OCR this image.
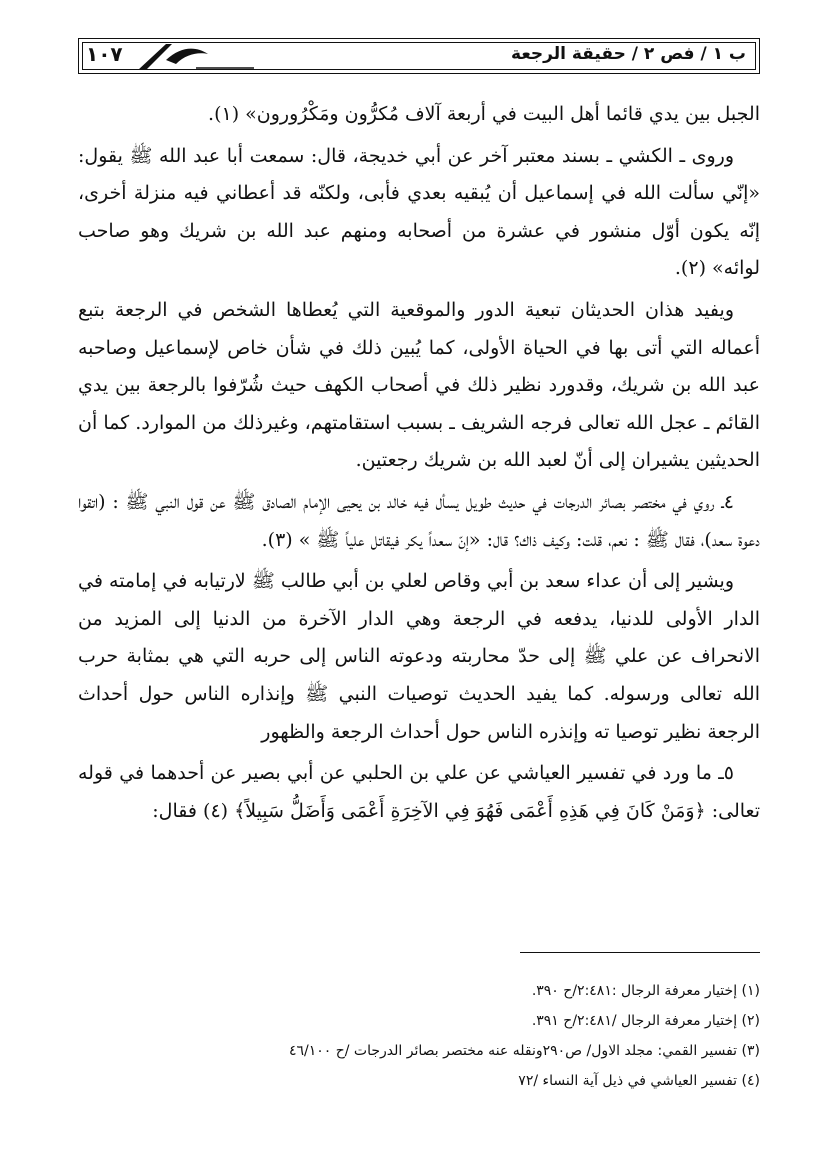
١٠٧	ب ١ / فص ٢ / حقيقة الرجعة

الجبل بين يدي قائما أهل البيت في أربعة آلاف مُكرُّون ومَكْرُورون» (١).

وروى ـ الكشي ـ بسند معتبر آخر عن أبي خديجة، قال: سمعت أبا عبد الله ﷺ يقول: «إنّي سألت الله في إسماعيل أن يُبقيه بعدي فأبى، ولكنّه قد أعطاني فيه منزلة أخرى، إنّه يكون أوّل منشور في عشرة من أصحابه ومنهم عبد الله بن شريك وهو صاحب لوائه» (٢).

ويفيد هذان الحديثان تبعية الدور والموقعية التي يُعطاها الشخص في الرجعة بتبع أعماله التي أتى بها في الحياة الأولى، كما يُبين ذلك في شأن خاص لإسماعيل وصاحبه عبد الله بن شريك، وقدورد نظير ذلك في أصحاب الكهف حيث شُرّفوا بالرجعة بين يدي القائم ـ عجل الله تعالى فرجه الشريف ـ بسبب استقامتهم، وغيرذلك من الموارد. كما أن الحديثين يشيران إلى أنّ لعبد الله بن شريك رجعتين.

٤ـ روي في مختصر بصائر الدرجات في حديث طويل يسأل فيه خالد بن يحيى الإمام الصادق ﷺ عن قول النبي ﷺ : (اتقوا دعوة سعد)، فقال ﷺ : نعم، قلت: وكيف ذاك؟ قال: «إنّ سعداً يكر فيقاتل علياً ﷺ » (٣).

ويشير إلى أن عداء سعد بن أبي وقاص لعلي بن أبي طالب ﷺ لارتيابه في إمامته في الدار الأولى للدنيا، يدفعه في الرجعة وهي الدار الآخرة من الدنيا إلى المزيد من الانحراف عن علي ﷺ إلى حدّ محاربته ودعوته الناس إلى حربه التي هي بمثابة حرب الله تعالى ورسوله. كما يفيد الحديث توصيات النبي ﷺ وإنذاره الناس حول أحداث الرجعة نظير توصيا ته وإنذره الناس حول أحداث الرجعة والظهور

٥ـ ما ورد في تفسير العياشي عن علي بن الحلبي عن أبي بصير عن أحدهما في قوله تعالى: ﴿وَمَنْ كَانَ فِي هَذِهِ أَعْمَى فَهُوَ فِي الآخِرَةِ أَعْمَى وَأَضَلُّ سَبِيلاً﴾ (٤) فقال:

(١) إختيار معرفة الرجال :٢:٤٨١/ح ٣٩٠.
(٢) إختيار معرفة الرجال /٢:٤٨١/ح ٣٩١.
(٣) تفسير القمي: مجلد الاول/ ص٢٩٠ونقله عنه مختصر بصائر الدرجات /ح ٤٦/١٠٠
(٤) تفسير العياشي في ذيل آية النساء /٧٢
